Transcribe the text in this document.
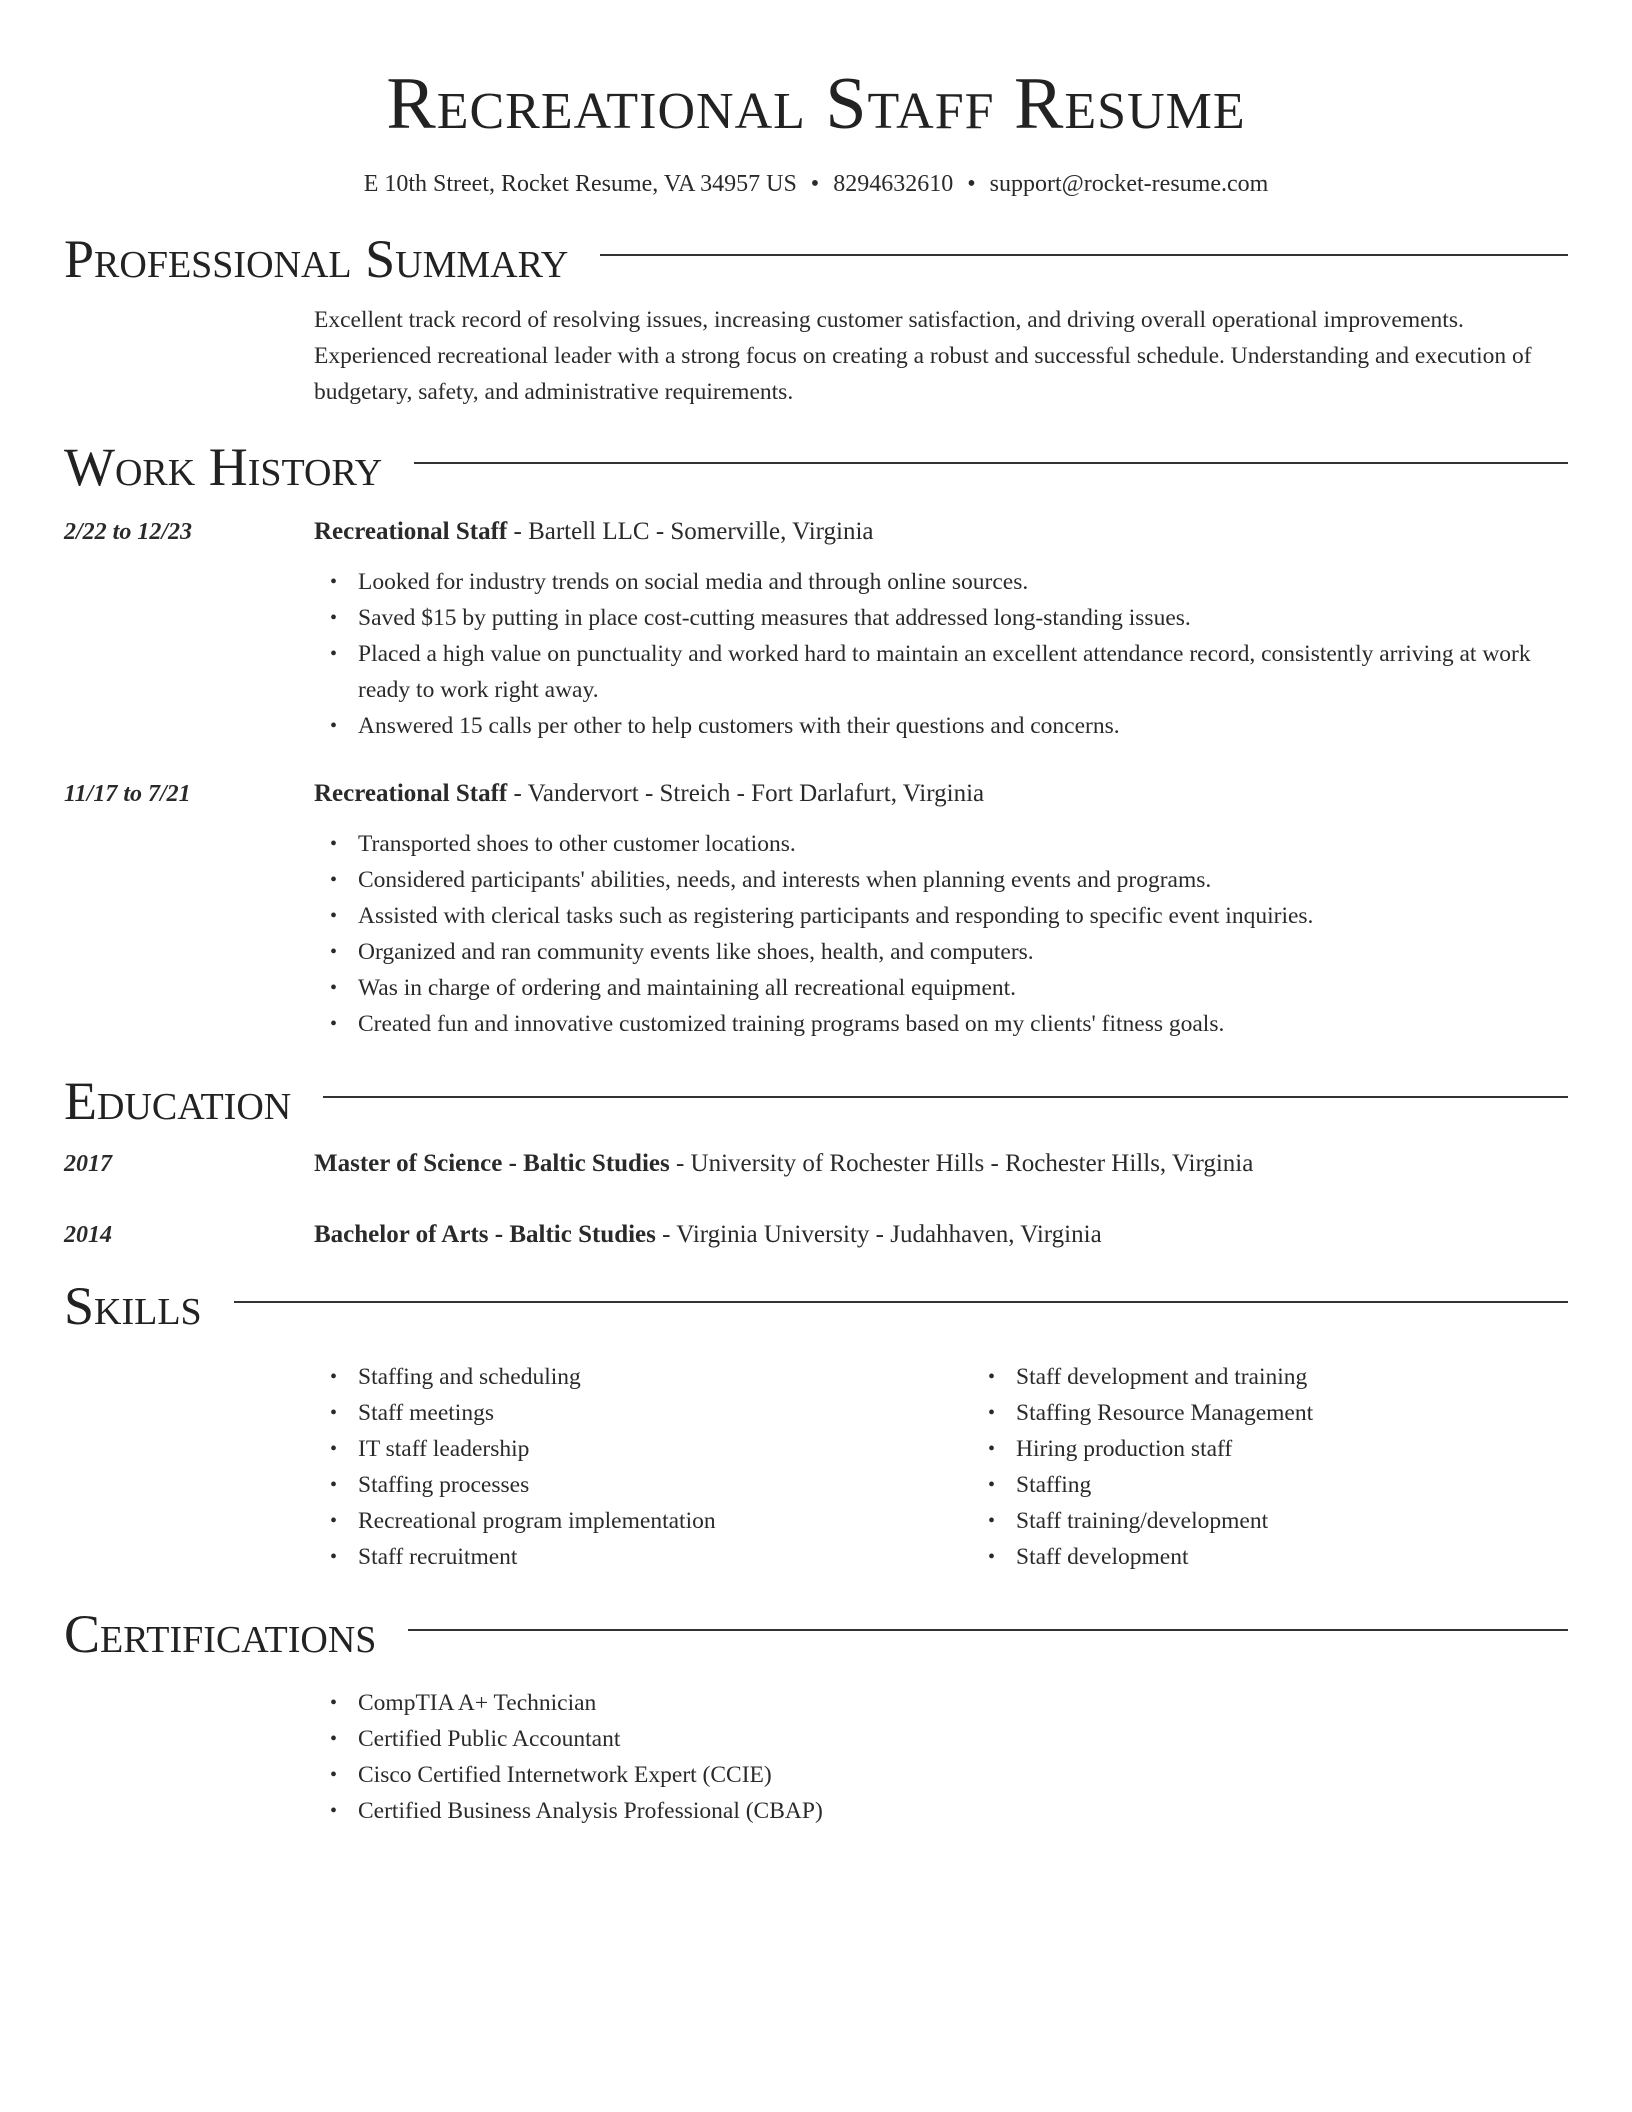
Recreational Staff Resume
E 10th Street, Rocket Resume, VA 34957 US • 8294632610 • support@rocket-resume.com
Professional Summary
Excellent track record of resolving issues, increasing customer satisfaction, and driving overall operational improvements. Experienced recreational leader with a strong focus on creating a robust and successful schedule. Understanding and execution of budgetary, safety, and administrative requirements.
Work History
2/22 to 12/23	Recreational Staff - Bartell LLC - Somerville, Virginia
• Looked for industry trends on social media and through online sources.
• Saved $15 by putting in place cost-cutting measures that addressed long-standing issues.
• Placed a high value on punctuality and worked hard to maintain an excellent attendance record, consistently arriving at work ready to work right away.
• Answered 15 calls per other to help customers with their questions and concerns.
11/17 to 7/21	Recreational Staff - Vandervort - Streich - Fort Darlafurt, Virginia
• Transported shoes to other customer locations.
• Considered participants' abilities, needs, and interests when planning events and programs.
• Assisted with clerical tasks such as registering participants and responding to specific event inquiries.
• Organized and ran community events like shoes, health, and computers.
• Was in charge of ordering and maintaining all recreational equipment.
• Created fun and innovative customized training programs based on my clients' fitness goals.
Education
2017	Master of Science - Baltic Studies - University of Rochester Hills - Rochester Hills, Virginia
2014	Bachelor of Arts - Baltic Studies - Virginia University - Judahhaven, Virginia
Skills
• Staffing and scheduling
• Staff meetings
• IT staff leadership
• Staffing processes
• Recreational program implementation
• Staff recruitment
• Staff development and training
• Staffing Resource Management
• Hiring production staff
• Staffing
• Staff training/development
• Staff development
Certifications
• CompTIA A+ Technician
• Certified Public Accountant
• Cisco Certified Internetwork Expert (CCIE)
• Certified Business Analysis Professional (CBAP)
